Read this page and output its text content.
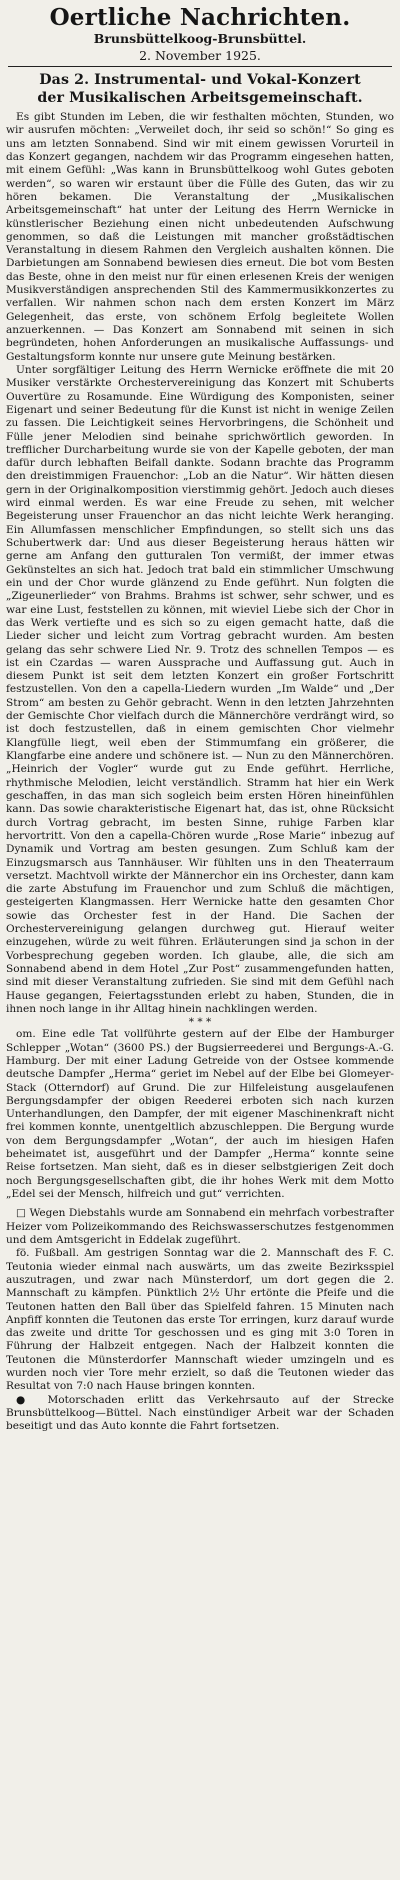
Oertliche Nachrichten.
Brunsbüttelkoog-Brunsbüttel.
2. November 1925.
Das 2. Instrumental- und Vokal-Konzert
der Musikalischen Arbeitsgemeinschaft.

Es gibt Stunden im Leben, die wir festhalten möchten, Stunden, wo wir ausrufen möchten: „Verweilet doch, ihr seid so schön!“ So ging es uns am letzten Sonnabend. Sind wir mit einem gewissen Vorurteil in das Konzert gegangen, nachdem wir das Programm eingesehen hatten, mit einem Gefühl: „Was kann in Brunsbüttelkoog wohl Gutes geboten werden“, so waren wir erstaunt über die Fülle des Guten, das wir zu hören bekamen. Die Veranstaltung der „Musikalischen Arbeitsgemeinschaft“ hat unter der Leitung des Herrn Wernicke in künstlerischer Beziehung einen nicht unbedeutenden Aufschwung genommen, so daß die Leistungen mit mancher großstädtischen Veranstaltung in diesem Rahmen den Vergleich aushalten können. Die Darbietungen am Sonnabend bewiesen dies erneut. Die bot vom Besten das Beste, ohne in den meist nur für einen erlesenen Kreis der wenigen Musikverständigen ansprechenden Stil des Kammermusikkonzertes zu verfallen. Wir nahmen schon nach dem ersten Konzert im März Gelegenheit, das erste, von schönem Erfolg begleitete Wollen anzuerkennen. — Das Konzert am Sonnabend mit seinen in sich begründeten, hohen Anforderungen an musikalische Auffassungs- und Gestaltungsform konnte nur unsere gute Meinung bestärken.

Unter sorgfältiger Leitung des Herrn Wernicke eröffnete die mit 20 Musiker verstärkte Orchestervereinigung das Konzert mit Schuberts Ouvertüre zu Rosamunde. Eine Würdigung des Komponisten, seiner Eigenart und seiner Bedeutung für die Kunst ist nicht in wenige Zeilen zu fassen. Die Leichtigkeit seines Hervorbringens, die Schönheit und Fülle jener Melodien sind beinahe sprichwörtlich geworden. In trefflicher Durcharbeitung wurde sie von der Kapelle geboten, der man dafür durch lebhaften Beifall dankte. Sodann brachte das Programm den dreistimmigen Frauenchor: „Lob an die Natur“. Wir hätten diesen gern in der Originalkomposition vierstimmig gehört. Jedoch auch dieses wird einmal werden. Es war eine Freude zu sehen, mit welcher Begeisterung unser Frauenchor an das nicht leichte Werk heranging. Ein Allumfassen menschlicher Empfindungen, so stellt sich uns das Schubertwerk dar: Und aus dieser Begeisterung heraus hätten wir gerne am Anfang den gutturalen Ton vermißt, der immer etwas Gekünsteltes an sich hat. Jedoch trat bald ein stimmlicher Umschwung ein und der Chor wurde glänzend zu Ende geführt. Nun folgten die „Zigeunerlieder“ von Brahms. Brahms ist schwer, sehr schwer, und es war eine Lust, feststellen zu können, mit wieviel Liebe sich der Chor in das Werk vertiefte und es sich so zu eigen gemacht hatte, daß die Lieder sicher und leicht zum Vortrag gebracht wurden. Am besten gelang das sehr schwere Lied Nr. 9. Trotz des schnellen Tempos — es ist ein Czardas — waren Aussprache und Auffassung gut. Auch in diesem Punkt ist seit dem letzten Konzert ein großer Fortschritt festzustellen. Von den a capella-Liedern wurden „Im Walde“ und „Der Strom“ am besten zu Gehör gebracht. Wenn in den letzten Jahrzehnten der Gemischte Chor vielfach durch die Männerchöre verdrängt wird, so ist doch festzustellen, daß in einem gemischten Chor vielmehr Klangfülle liegt, weil eben der Stimmumfang ein größerer, die Klangfarbe eine andere und schönere ist. — Nun zu den Männerchören. „Heinrich der Vogler“ wurde gut zu Ende geführt. Herrliche, rhythmische Melodien, leicht verständlich. Stramm hat hier ein Werk geschaffen, in das man sich sogleich beim ersten Hören hineinfühlen kann. Das sowie charakteristische Eigenart hat, das ist, ohne Rücksicht durch Vortrag gebracht, im besten Sinne, ruhige Farben klar hervortritt. Von den a capella-Chören wurde „Rose Marie“ inbezug auf Dynamik und Vortrag am besten gesungen. Zum Schluß kam der Einzugsmarsch aus Tannhäuser. Wir fühlten uns in den Theaterraum versetzt. Machtvoll wirkte der Männerchor ein ins Orchester, dann kam die zarte Abstufung im Frauenchor und zum Schluß die mächtigen, gesteigerten Klangmassen. Herr Wernicke hatte den gesamten Chor sowie das Orchester fest in der Hand. Die Sachen der Orchestervereinigung gelangen durchweg gut. Hierauf weiter einzugehen, würde zu weit führen. Erläuterungen sind ja schon in der Vorbesprechung gegeben worden. Ich glaube, alle, die sich am Sonnabend abend in dem Hotel „Zur Post“ zusammengefunden hatten, sind mit dieser Veranstaltung zufrieden. Sie sind mit dem Gefühl nach Hause gegangen, Feiertagsstunden erlebt zu haben, Stunden, die in ihnen noch lange in ihr Alltag hinein nachklingen werden.

* * *

om. Eine edle Tat vollführte gestern auf der Elbe der Hamburger Schlepper „Wotan“ (3600 PS.) der Bugsierreederei und Bergungs-A.-G. Hamburg. Der mit einer Ladung Getreide von der Ostsee kommende deutsche Dampfer „Herma“ geriet im Nebel auf der Elbe bei Glomeyer-Stack (Otterndorf) auf Grund. Die zur Hilfeleistung ausgelaufenen Bergungsdampfer der obigen Reederei erboten sich nach kurzen Unterhandlungen, den Dampfer, der mit eigener Maschinenkraft nicht frei kommen konnte, unentgeltlich abzuschleppen. Die Bergung wurde von dem Bergungsdampfer „Wotan“, der auch im hiesigen Hafen beheimatet ist, ausgeführt und der Dampfer „Herma“ konnte seine Reise fortsetzen. Man sieht, daß es in dieser selbstgierigen Zeit doch noch Bergungsgesellschaften gibt, die ihr hohes Werk mit dem Motto „Edel sei der Mensch, hilfreich und gut“ verrichten.

□ Wegen Diebstahls wurde am Sonnabend ein mehrfach vorbestrafter Heizer vom Polizeikommando des Reichswasserschutzes festgenommen und dem Amtsgericht in Eddelak zugeführt.

fö. Fußball. Am gestrigen Sonntag war die 2. Mannschaft des F. C. Teutonia wieder einmal nach auswärts, um das zweite Bezirksspiel auszutragen, und zwar nach Münsterdorf, um dort gegen die 2. Mannschaft zu kämpfen. Pünktlich 2½ Uhr ertönte die Pfeife und die Teutonen hatten den Ball über das Spielfeld fahren. 15 Minuten nach Anpfiff konnten die Teutonen das erste Tor erringen, kurz darauf wurde das zweite und dritte Tor geschossen und es ging mit 3:0 Toren in Führung der Halbzeit entgegen. Nach der Halbzeit konnten die Teutonen die Münsterdorfer Mannschaft wieder umzingeln und es wurden noch vier Tore mehr erzielt, so daß die Teutonen wieder das Resultat von 7:0 nach Hause bringen konnten.

● Motorschaden erlitt das Verkehrsauto auf der Strecke Brunsbüttelkoog—Büttel. Nach einstündiger Arbeit war der Schaden beseitigt und das Auto konnte die Fahrt fortsetzen.
